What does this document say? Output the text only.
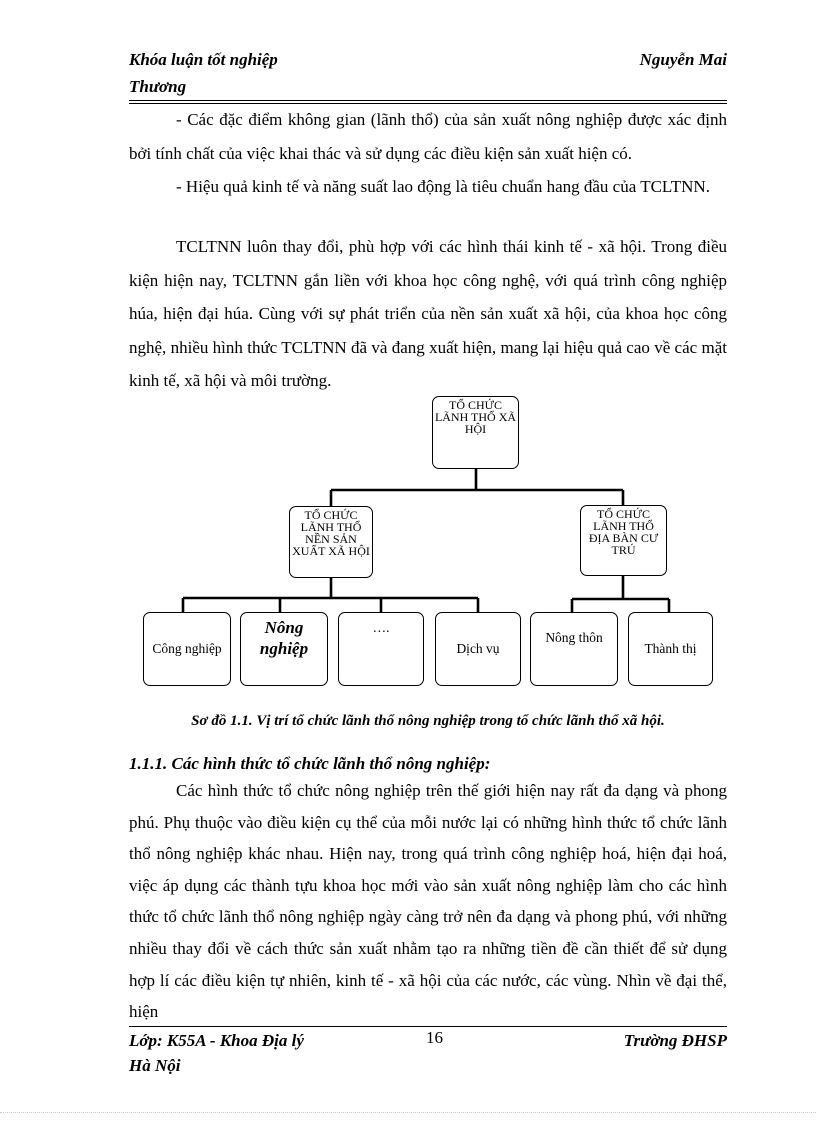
Khóa luận tốt nghiệp
Thương
Nguyễn Mai

- Các đặc điểm không gian (lãnh thổ) của sản xuất nông nghiệp được xác định bởi tính chất của việc khai thác và sử dụng các điều kiện sản xuất hiện có.

- Hiệu quả kinh tế và năng suất lao động là tiêu chuẩn hang đầu của TCLTNN.

TCLTNN luôn thay đổi, phù hợp với các hình thái kinh tế - xã hội. Trong điều kiện hiện nay, TCLTNN gắn liền với khoa học công nghệ, với quá trình công nghiệp húa, hiện đại húa. Cùng với sự phát triển của nền sản xuất xã hội, của khoa học công nghệ, nhiều hình thức TCLTNN đã và đang xuất hiện, mang lại hiệu quả cao về các mặt kinh tế, xã hội và môi trường.

TỔ CHỨC LÃNH THỔ XÃ HỘI
TỔ CHỨC LÃNH THỔ NỀN SẢN XUẤT XÃ HỘI
TỔ CHỨC LÃNH THỔ ĐỊA BÀN CƯ TRÚ
Công nghiệp
Nông nghiệp
….
Dịch vụ
Nông thôn
Thành thị
Sơ đồ 1.1. Vị trí tổ chức lãnh thổ nông nghiệp trong tổ chức lãnh thổ xã hội.
1.1.1. Các hình thức tổ chức lãnh thổ nông nghiệp:

Các hình thức tổ chức nông nghiệp trên thế giới hiện nay rất đa dạng và phong phú. Phụ thuộc vào điều kiện cụ thể của mỗi nước lại có những hình thức tổ chức lãnh thổ nông nghiệp khác nhau. Hiện nay, trong quá trình công nghiệp hoá, hiện đại hoá, việc áp dụng các thành tựu khoa học mới vào sản xuất nông nghiệp làm cho các hình thức tổ chức lãnh thổ nông nghiệp ngày càng trở nên đa dạng và phong phú, với những nhiều thay đổi về cách thức sản xuất nhằm tạo ra những tiền đề cần thiết để sử dụng hợp lí các điều kiện tự nhiên, kinh tế - xã hội của các nước, các vùng. Nhìn về đại thể, hiện

Lớp: K55A - Khoa Địa lý
Hà Nội
16	Trường ĐHSP
